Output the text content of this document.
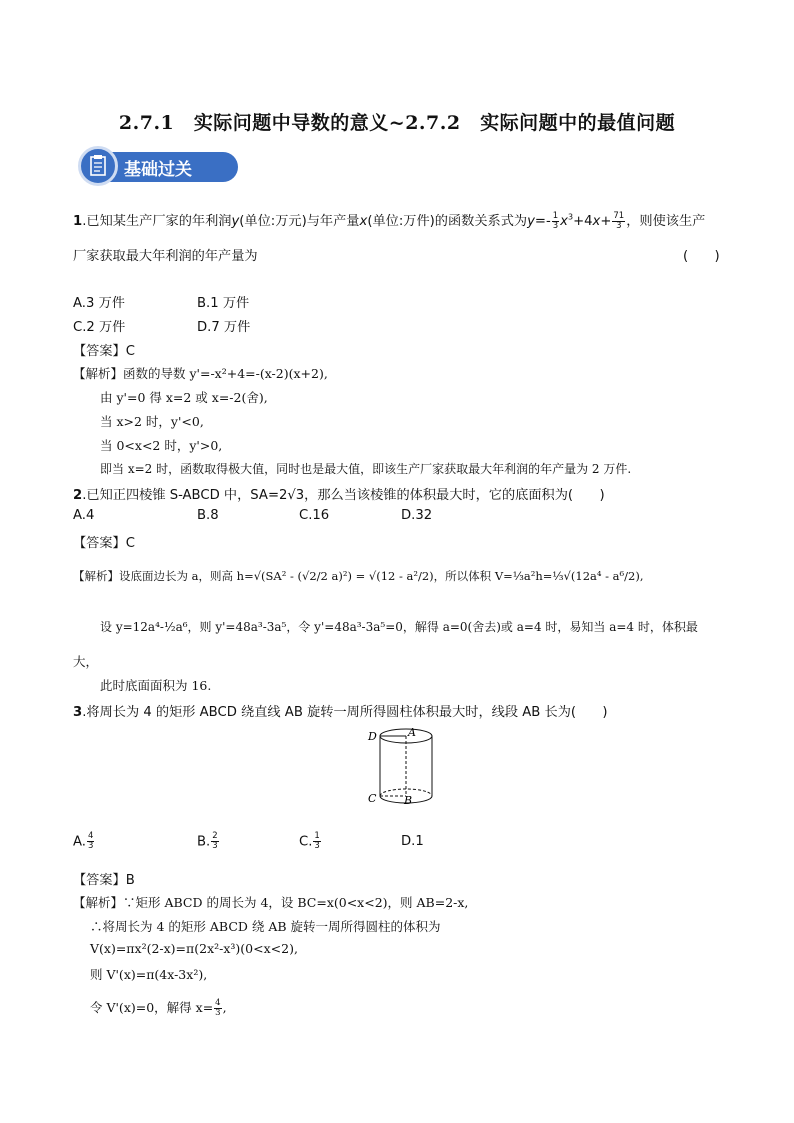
2.7.1　实际问题中导数的意义~2.7.2　实际问题中的最值问题
基础过关
1.已知某生产厂家的年利润y(单位:万元)与年产量x(单位:万件)的函数关系式为$y=- \frac{1}{3} x^3+4x+ \frac{71}{3}$ ，则使该生产
厂家获取最大年利润的年产量为	(　　)
A.3 万件	B.1 万件
C.2 万件	D.7 万件
【答案】C
【解析】函数的导数 y'=-x²+4=-(x-2)(x+2),
由 y'=0 得 x=2 或 x=-2(舍),
当 x>2 时，y'<0,
当 0<x<2 时，y'>0,
即当 x=2 时，函数取得极大值，同时也是最大值，即该生产厂家获取最大年利润的年产量为 2 万件.
2.已知正四棱锥 S-ABCD 中，SA=2√3，那么当该棱锥的体积最大时，它的底面积为(　　)
A.4	B.8	C.16	D.32
【答案】C
【解析】设底面边长为 a，则高 h=√(SA² - (√2/2 a)²) = √(12 - a²/2)，所以体积 V=⅓a²h=⅓√(12a⁴ - a⁶/2),
设 y=12a⁴-½a⁶，则 y'=48a³-3a⁵，令 y'=48a³-3a⁵=0，解得 a=0(舍去)或 a=4 时，易知当 a=4 时，体积最
大，
此时底面面积为 16.
3.将周长为 4 的矩形 ABCD 绕直线 AB 旋转一周所得圆柱体积最大时，线段 AB 长为(　　)
D	A
C	B
A. $\frac{4}{3}$	B. $\frac{2}{3}$	C. $\frac{1}{3}$	D.1
【答案】B
【解析】∵矩形 ABCD 的周长为 4，设 BC=x(0<x<2)，则 AB=2-x,
∴将周长为 4 的矩形 ABCD 绕 AB 旋转一周所得圆柱的体积为
V(x)=πx²(2-x)=π(2x²-x³)(0<x<2),
则 V'(x)=π(4x-3x²),
令 V'(x)=0，解得 $x= \frac{4}{3}$ ,
